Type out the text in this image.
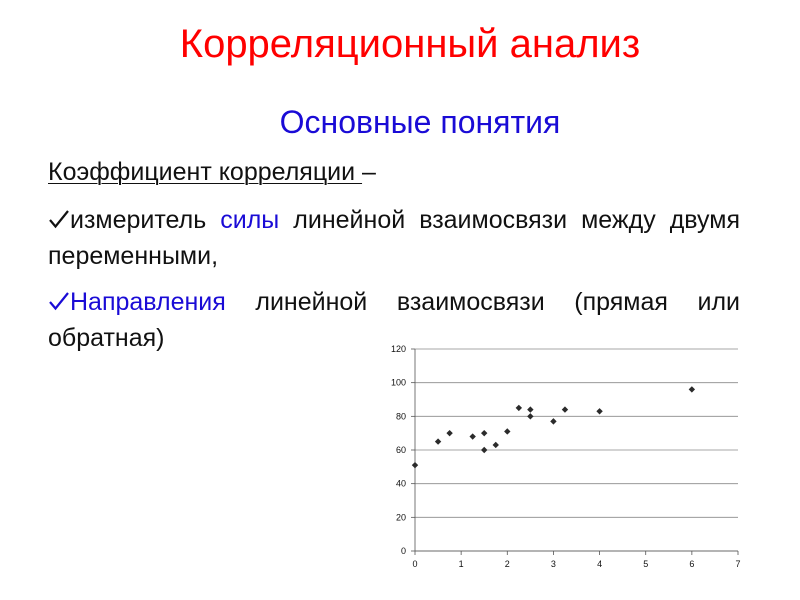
Корреляционный анализ
Основные понятия
Коэффициент корреляции –
измеритель силы линейной взаимосвязи между двумя переменными,
Направления линейной взаимосвязи (прямая или обратная)
0
20
40
60
80
100
120
0	1	2	3	4	5	6	7
